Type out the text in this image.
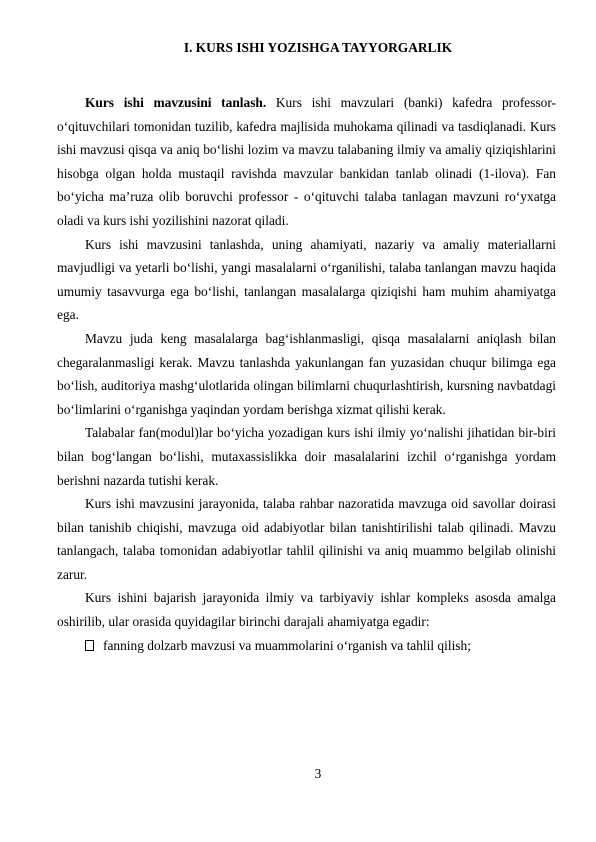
I. KURS ISHI YOZISHGA TAYYORGARLIK

Kurs ishi mavzusini tanlash. Kurs ishi mavzulari (banki) kafedra professor-o‘qituvchilari tomonidan tuzilib, kafedra majlisida muhokama qilinadi va tasdiqlanadi. Kurs ishi mavzusi qisqa va aniq bo‘lishi lozim va mavzu talabaning ilmiy va amaliy qiziqishlarini hisobga olgan holda mustaqil ravishda mavzular bankidan tanlab olinadi (1-ilova). Fan bo‘yicha ma’ruza olib boruvchi professor - o‘qituvchi talaba tanlagan mavzuni ro‘yxatga oladi va kurs ishi yozilishini nazorat qiladi.

Kurs ishi mavzusini tanlashda, uning ahamiyati, nazariy va amaliy materiallarni mavjudligi va yetarli bo‘lishi, yangi masalalarni o‘rganilishi, talaba tanlangan mavzu haqida umumiy tasavvurga ega bo‘lishi, tanlangan masalalarga qiziqishi ham muhim ahamiyatga ega.

Mavzu juda keng masalalarga bag‘ishlanmasligi, qisqa masalalarni aniqlash bilan chegaralanmasligi kerak. Mavzu tanlashda yakunlangan fan yuzasidan chuqur bilimga ega bo‘lish, auditoriya mashg‘ulotlarida olingan bilimlarni chuqurlashtirish, kursning navbatdagi bo‘limlarini o‘rganishga yaqindan yordam berishga xizmat qilishi kerak.

Talabalar fan(modul)lar bo‘yicha yozadigan kurs ishi ilmiy yo‘nalishi jihatidan bir-biri bilan bog‘langan bo‘lishi, mutaxassislikka doir masalalarini izchil o‘rganishga yordam berishni nazarda tutishi kerak.

Kurs ishi mavzusini jarayonida, talaba rahbar nazoratida mavzuga oid savollar doirasi bilan tanishib chiqishi, mavzuga oid adabiyotlar bilan tanishtirilishi talab qilinadi. Mavzu tanlangach, talaba tomonidan adabiyotlar tahlil qilinishi va aniq muammo belgilab olinishi zarur.

Kurs ishini bajarish jarayonida ilmiy va tarbiyaviy ishlar kompleks asosda amalga oshirilib, ular orasida quyidagilar birinchi darajali ahamiyatga egadir:

fanning dolzarb mavzusi va muammolarini o‘rganish va tahlil qilish;

3
